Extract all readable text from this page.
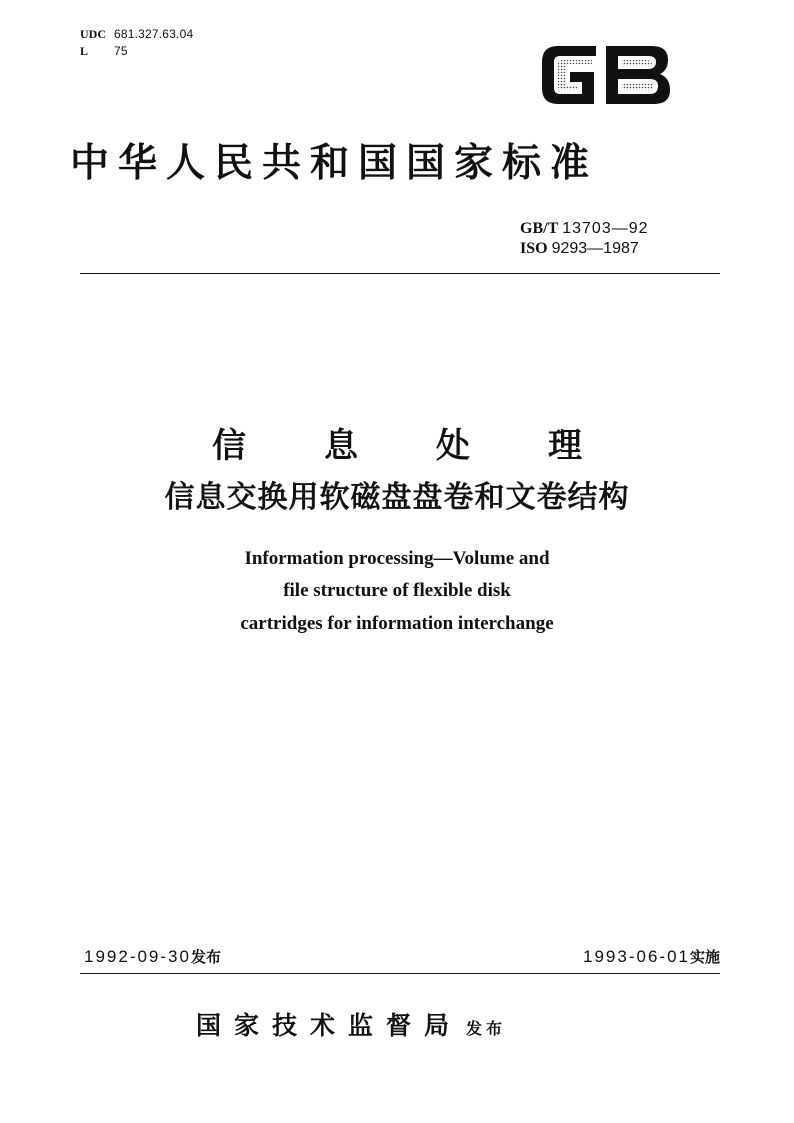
UDC 681.327.63.04
L 75
中华人民共和国国家标准
GB/T 13703—92
ISO 9293—1987
信息处理
信息交换用软磁盘盘卷和文卷结构
Information processing—Volume and
file structure of flexible disk
cartridges for information interchange
1992-09-30发布	1993-06-01实施
国家技术监督局 发布
